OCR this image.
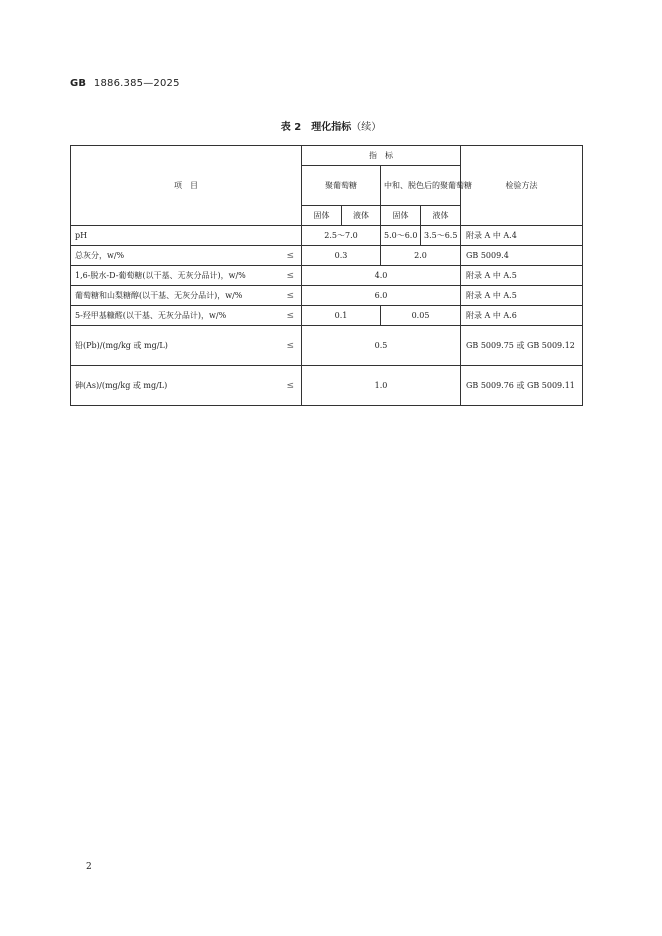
GB 1886.385—2025
表 2　理化指标（续）
项　目	指　标				检验方法
	聚葡萄糖		中和、脱色后的聚葡萄糖		
	固体	液体	固体	液体	
pH	2.5～7.0		5.0～6.0	3.5～6.5	附录 A 中 A.4

总灰分，w/% ≤	0.3		2.0		GB 5009.4

1,6-脱水-D-葡萄糖(以干基、无灰分品计)，w/% ≤	4.0				附录 A 中 A.5

葡萄糖和山梨糖醇(以干基、无灰分品计)，w/% ≤	6.0				附录 A 中 A.5

5-羟甲基糠醛(以干基、无灰分品计)，w/% ≤	0.1		0.05		附录 A 中 A.6

铅(Pb)/(mg/kg 或 mg/L) ≤	0.5				GB 5009.75 或 GB 5009.12

砷(As)/(mg/kg 或 mg/L) ≤	1.0				GB 5009.76 或 GB 5009.11
2
